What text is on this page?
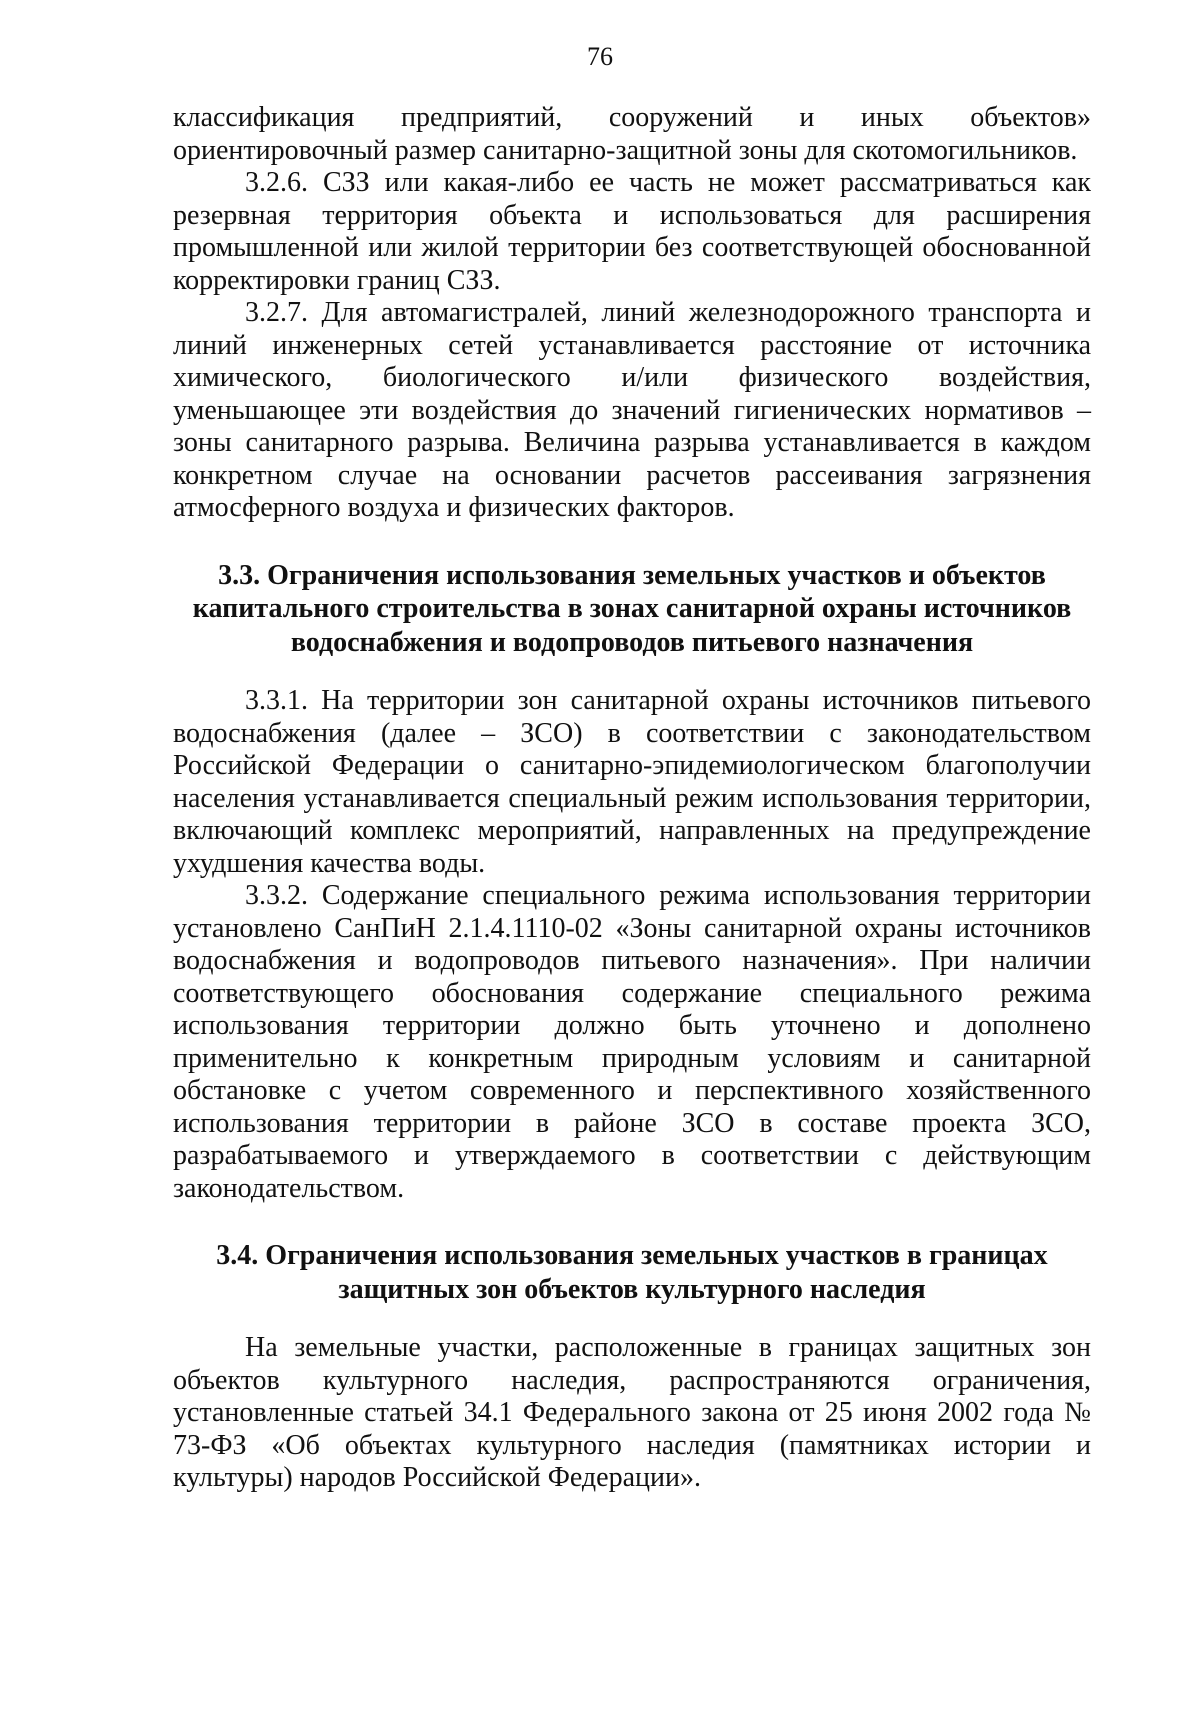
76

классификация предприятий, сооружений и иных объектов» ориентировочный размер санитарно-защитной зоны для скотомогильников.

3.2.6. СЗЗ или какая-либо ее часть не может рассматриваться как резервная территория объекта и использоваться для расширения промышленной или жилой территории без соответствующей обоснованной корректировки границ СЗЗ.

3.2.7. Для автомагистралей, линий железнодорожного транспорта и линий инженерных сетей устанавливается расстояние от источника химического, биологического и/или физического воздействия, уменьшающее эти воздействия до значений гигиенических нормативов – зоны санитарного разрыва. Величина разрыва устанавливается в каждом конкретном случае на основании расчетов рассеивания загрязнения атмосферного воздуха и физических факторов.

3.3. Ограничения использования земельных участков и объектов капитального строительства в зонах санитарной охраны источников водоснабжения и водопроводов питьевого назначения

3.3.1. На территории зон санитарной охраны источников питьевого водоснабжения (далее – ЗСО) в соответствии с законодательством Российской Федерации о санитарно-эпидемиологическом благополучии населения устанавливается специальный режим использования территории, включающий комплекс мероприятий, направленных на предупреждение ухудшения качества воды.

3.3.2. Содержание специального режима использования территории установлено СанПиН 2.1.4.1110-02 «Зоны санитарной охраны источников водоснабжения и водопроводов питьевого назначения». При наличии соответствующего обоснования содержание специального режима использования территории должно быть уточнено и дополнено применительно к конкретным природным условиям и санитарной обстановке с учетом современного и перспективного хозяйственного использования территории в районе ЗСО в составе проекта ЗСО, разрабатываемого и утверждаемого в соответствии с действующим законодательством.

3.4. Ограничения использования земельных участков в границах защитных зон объектов культурного наследия

На земельные участки, расположенные в границах защитных зон объектов культурного наследия, распространяются ограничения, установленные статьей 34.1 Федерального закона от 25 июня 2002 года № 73-ФЗ «Об объектах культурного наследия (памятниках истории и культуры) народов Российской Федерации».
